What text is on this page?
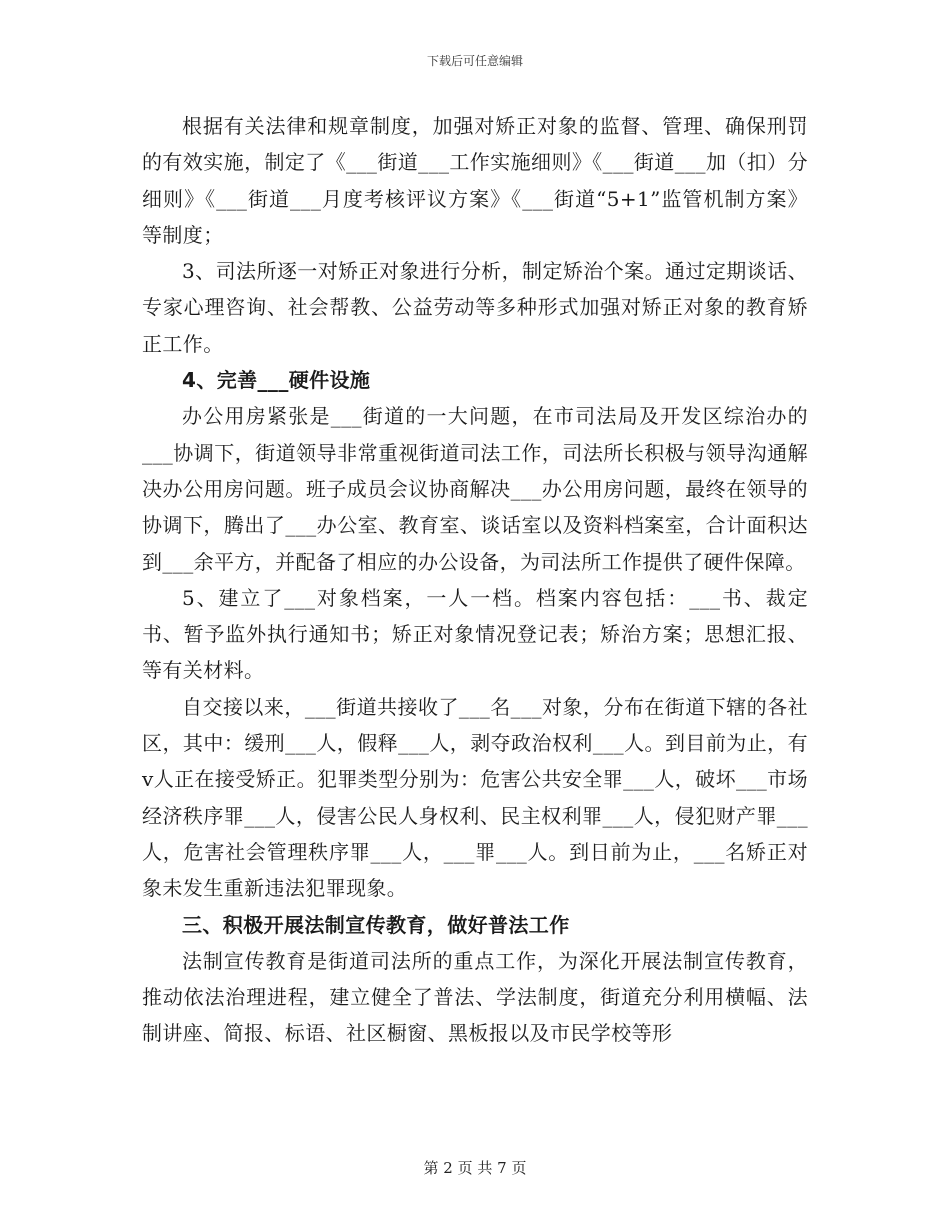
下载后可任意编辑

根据有关法律和规章制度，加强对矫正对象的监督、管理、确保刑罚的有效实施，制定了《___街道___工作实施细则》《___街道___加（扣）分细则》《___街道___月度考核评议方案》《___街道“5+1”监管机制方案》等制度；

3、司法所逐一对矫正对象进行分析，制定矫治个案。通过定期谈话、专家心理咨询、社会帮教、公益劳动等多种形式加强对矫正对象的教育矫正工作。

4、完善___硬件设施

办公用房紧张是___街道的一大问题，在市司法局及开发区综治办的___协调下，街道领导非常重视街道司法工作，司法所长积极与领导沟通解决办公用房问题。班子成员会议协商解决___办公用房问题，最终在领导的协调下，腾出了___办公室、教育室、谈话室以及资料档案室，合计面积达到___余平方，并配备了相应的办公设备，为司法所工作提供了硬件保障。

5、建立了___对象档案，一人一档。档案内容包括：___书、裁定书、暂予监外执行通知书；矫正对象情况登记表；矫治方案；思想汇报、等有关材料。

自交接以来，___街道共接收了___名___对象，分布在街道下辖的各社区，其中：缓刑___人，假释___人，剥夺政治权利___人。到目前为止，有v人正在接受矫正。犯罪类型分别为：危害公共安全罪___人，破坏___市场经济秩序罪___人，侵害公民人身权利、民主权利罪___人，侵犯财产罪___人，危害社会管理秩序罪___人，___罪___人。到日前为止，___名矫正对象未发生重新违法犯罪现象。

三、积极开展法制宣传教育，做好普法工作

法制宣传教育是街道司法所的重点工作，为深化开展法制宣传教育，推动依法治理进程，建立健全了普法、学法制度，街道充分利用横幅、法制讲座、简报、标语、社区橱窗、黑板报以及市民学校等形

第 2 页 共 7 页
